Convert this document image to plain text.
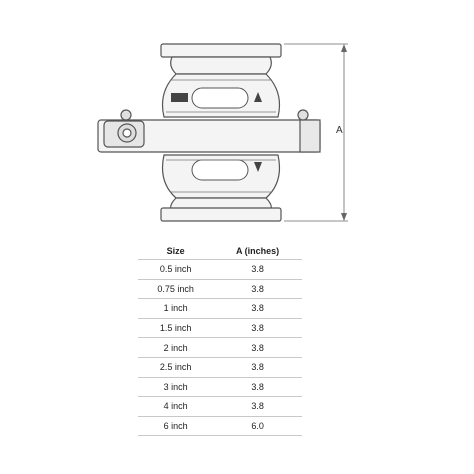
A
Size	A (inches)
0.5 inch	3.8
0.75 inch	3.8
1 inch	3.8
1.5 inch	3.8
2 inch	3.8
2.5 inch	3.8
3 inch	3.8
4 inch	3.8
6 inch	6.0
